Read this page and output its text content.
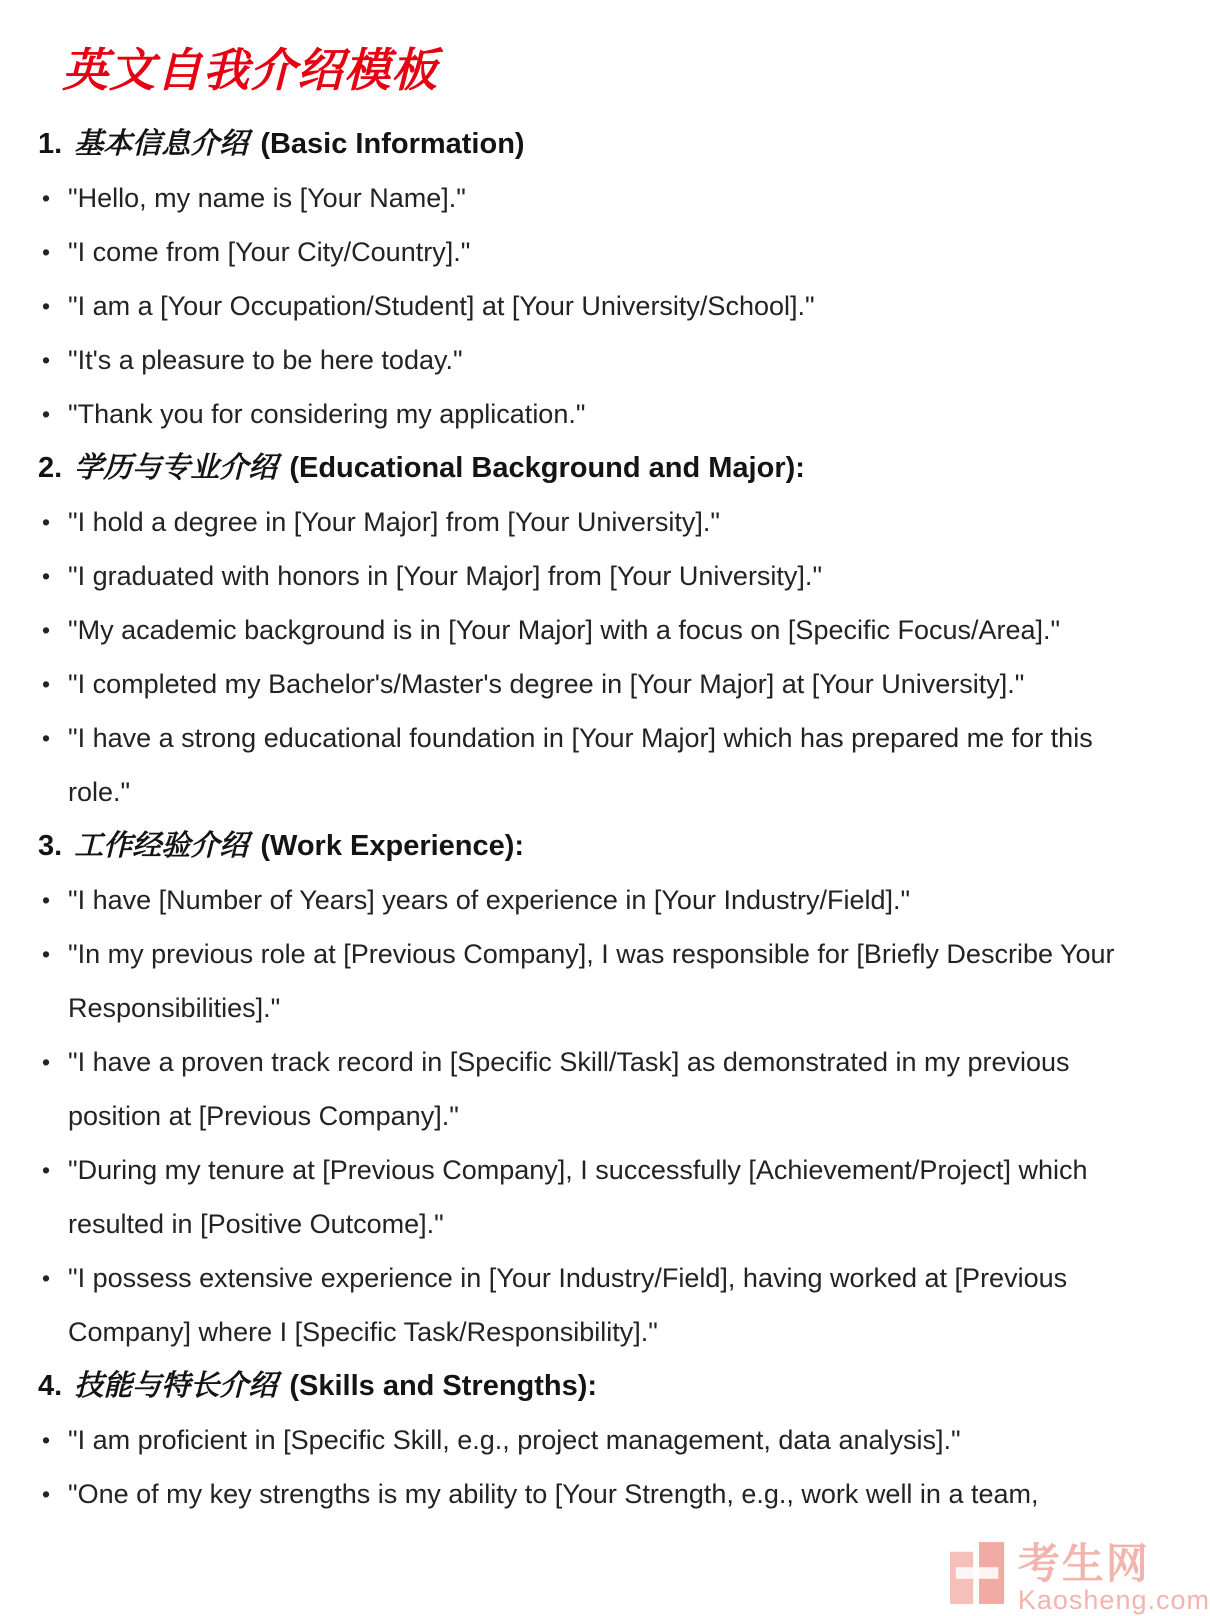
英文自我介绍模板
1. 基本信息介绍 (Basic Information)
• "Hello, my name is [Your Name]."
• "I come from [Your City/Country]."
• "I am a [Your Occupation/Student] at [Your University/School]."
• "It's a pleasure to be here today."
• "Thank you for considering my application."
2. 学历与专业介绍 (Educational Background and Major):
• "I hold a degree in [Your Major] from [Your University]."
• "I graduated with honors in [Your Major] from [Your University]."
• "My academic background is in [Your Major] with a focus on [Specific Focus/Area]."
• "I completed my Bachelor's/Master's degree in [Your Major] at [Your University]."
• "I have a strong educational foundation in [Your Major] which has prepared me for this role."
3. 工作经验介绍 (Work Experience):
• "I have [Number of Years] years of experience in [Your Industry/Field]."
• "In my previous role at [Previous Company], I was responsible for [Briefly Describe Your Responsibilities]."
• "I have a proven track record in [Specific Skill/Task] as demonstrated in my previous position at [Previous Company]."
• "During my tenure at [Previous Company], I successfully [Achievement/Project] which resulted in [Positive Outcome]."
• "I possess extensive experience in [Your Industry/Field], having worked at [Previous Company] where I [Specific Task/Responsibility]."
4. 技能与特长介绍 (Skills and Strengths):
• "I am proficient in [Specific Skill, e.g., project management, data analysis]."
• "One of my key strengths is my ability to [Your Strength, e.g., work well in a team,
考生网
Kaosheng.com
